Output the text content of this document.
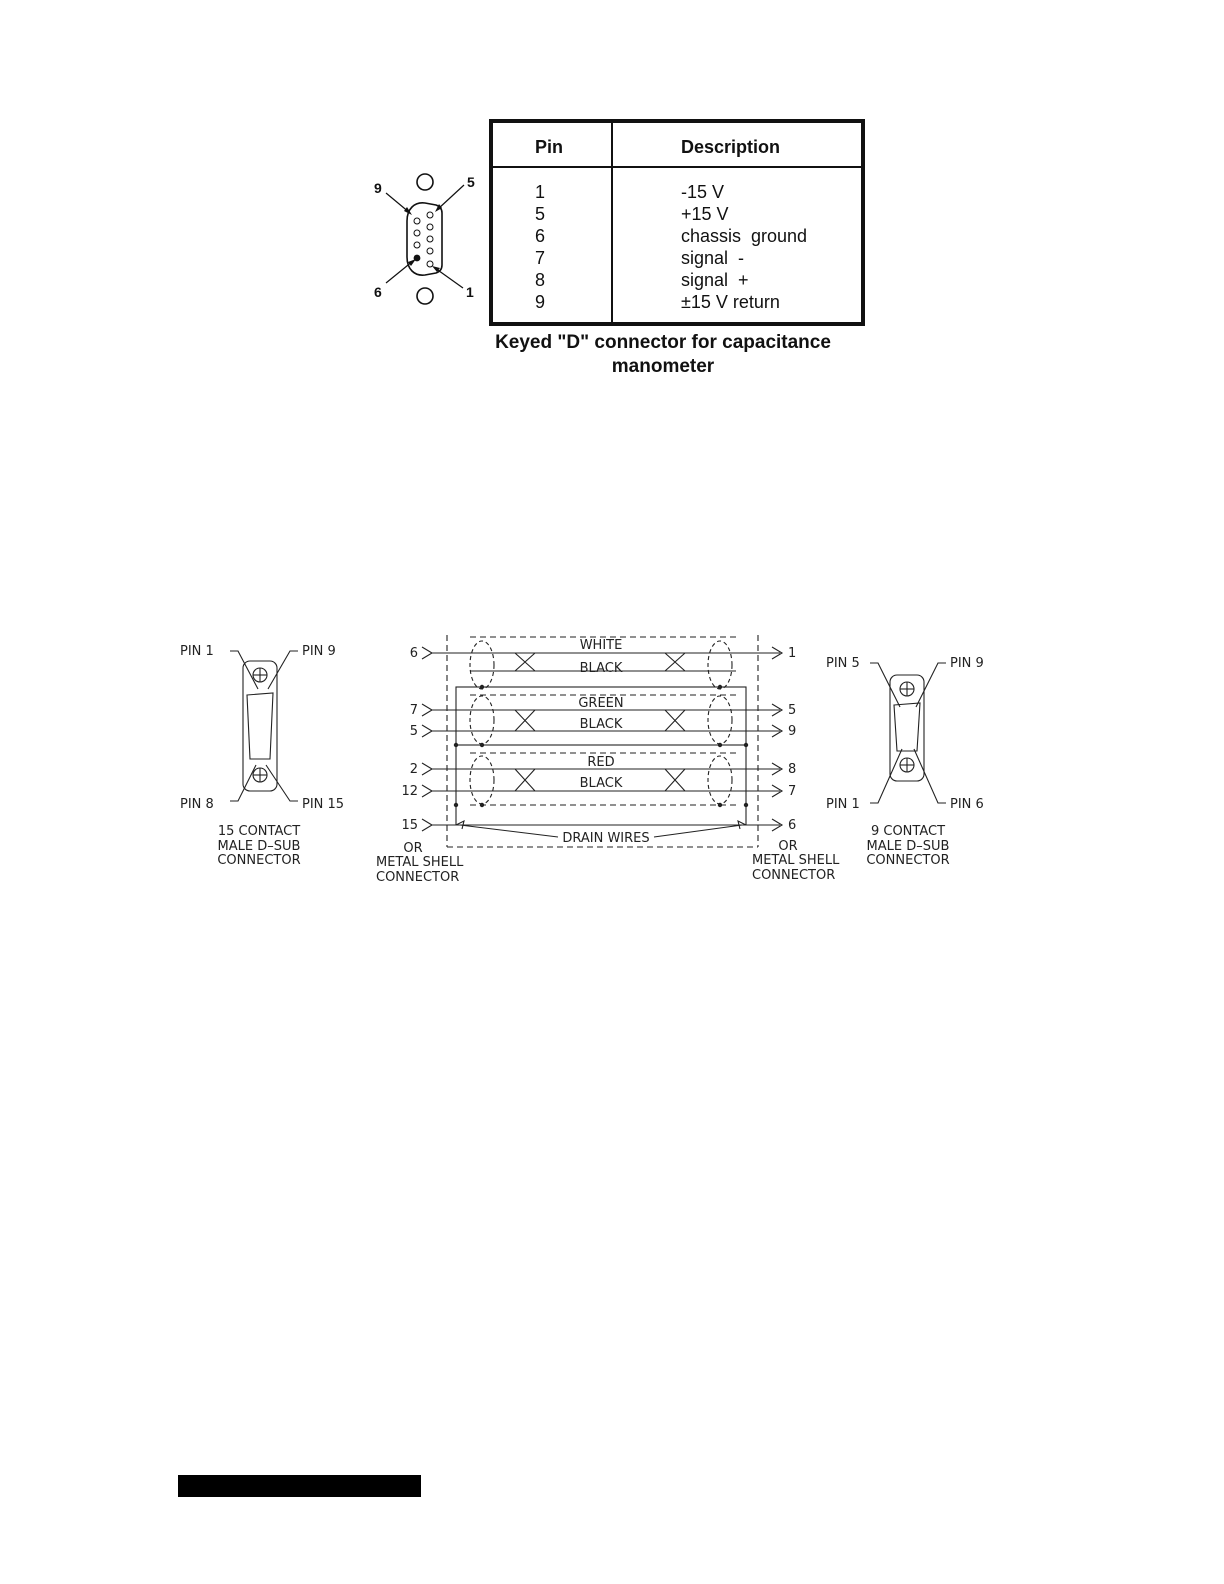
9	5
6	1
Pin	Description
1	-15 V
5	+15 V
6	chassis  ground
7	signal  -
8	signal  +
9	±15 V return
Keyed "D" connector for capacitance
manometer
PIN 1	PIN 9
PIN 8	PIN 15
15 CONTACT
MALE D–SUB
CONNECTOR
PIN 5	PIN 9
PIN 1	PIN 6
9 CONTACT
MALE D–SUB
CONNECTOR
6
7
5
2
12
15
1
5
9
8
7
6
WHITE
BLACK
GREEN
BLACK
RED
BLACK
DRAIN WIRES
OR
METAL SHELL
CONNECTOR
OR
METAL SHELL
CONNECTOR
